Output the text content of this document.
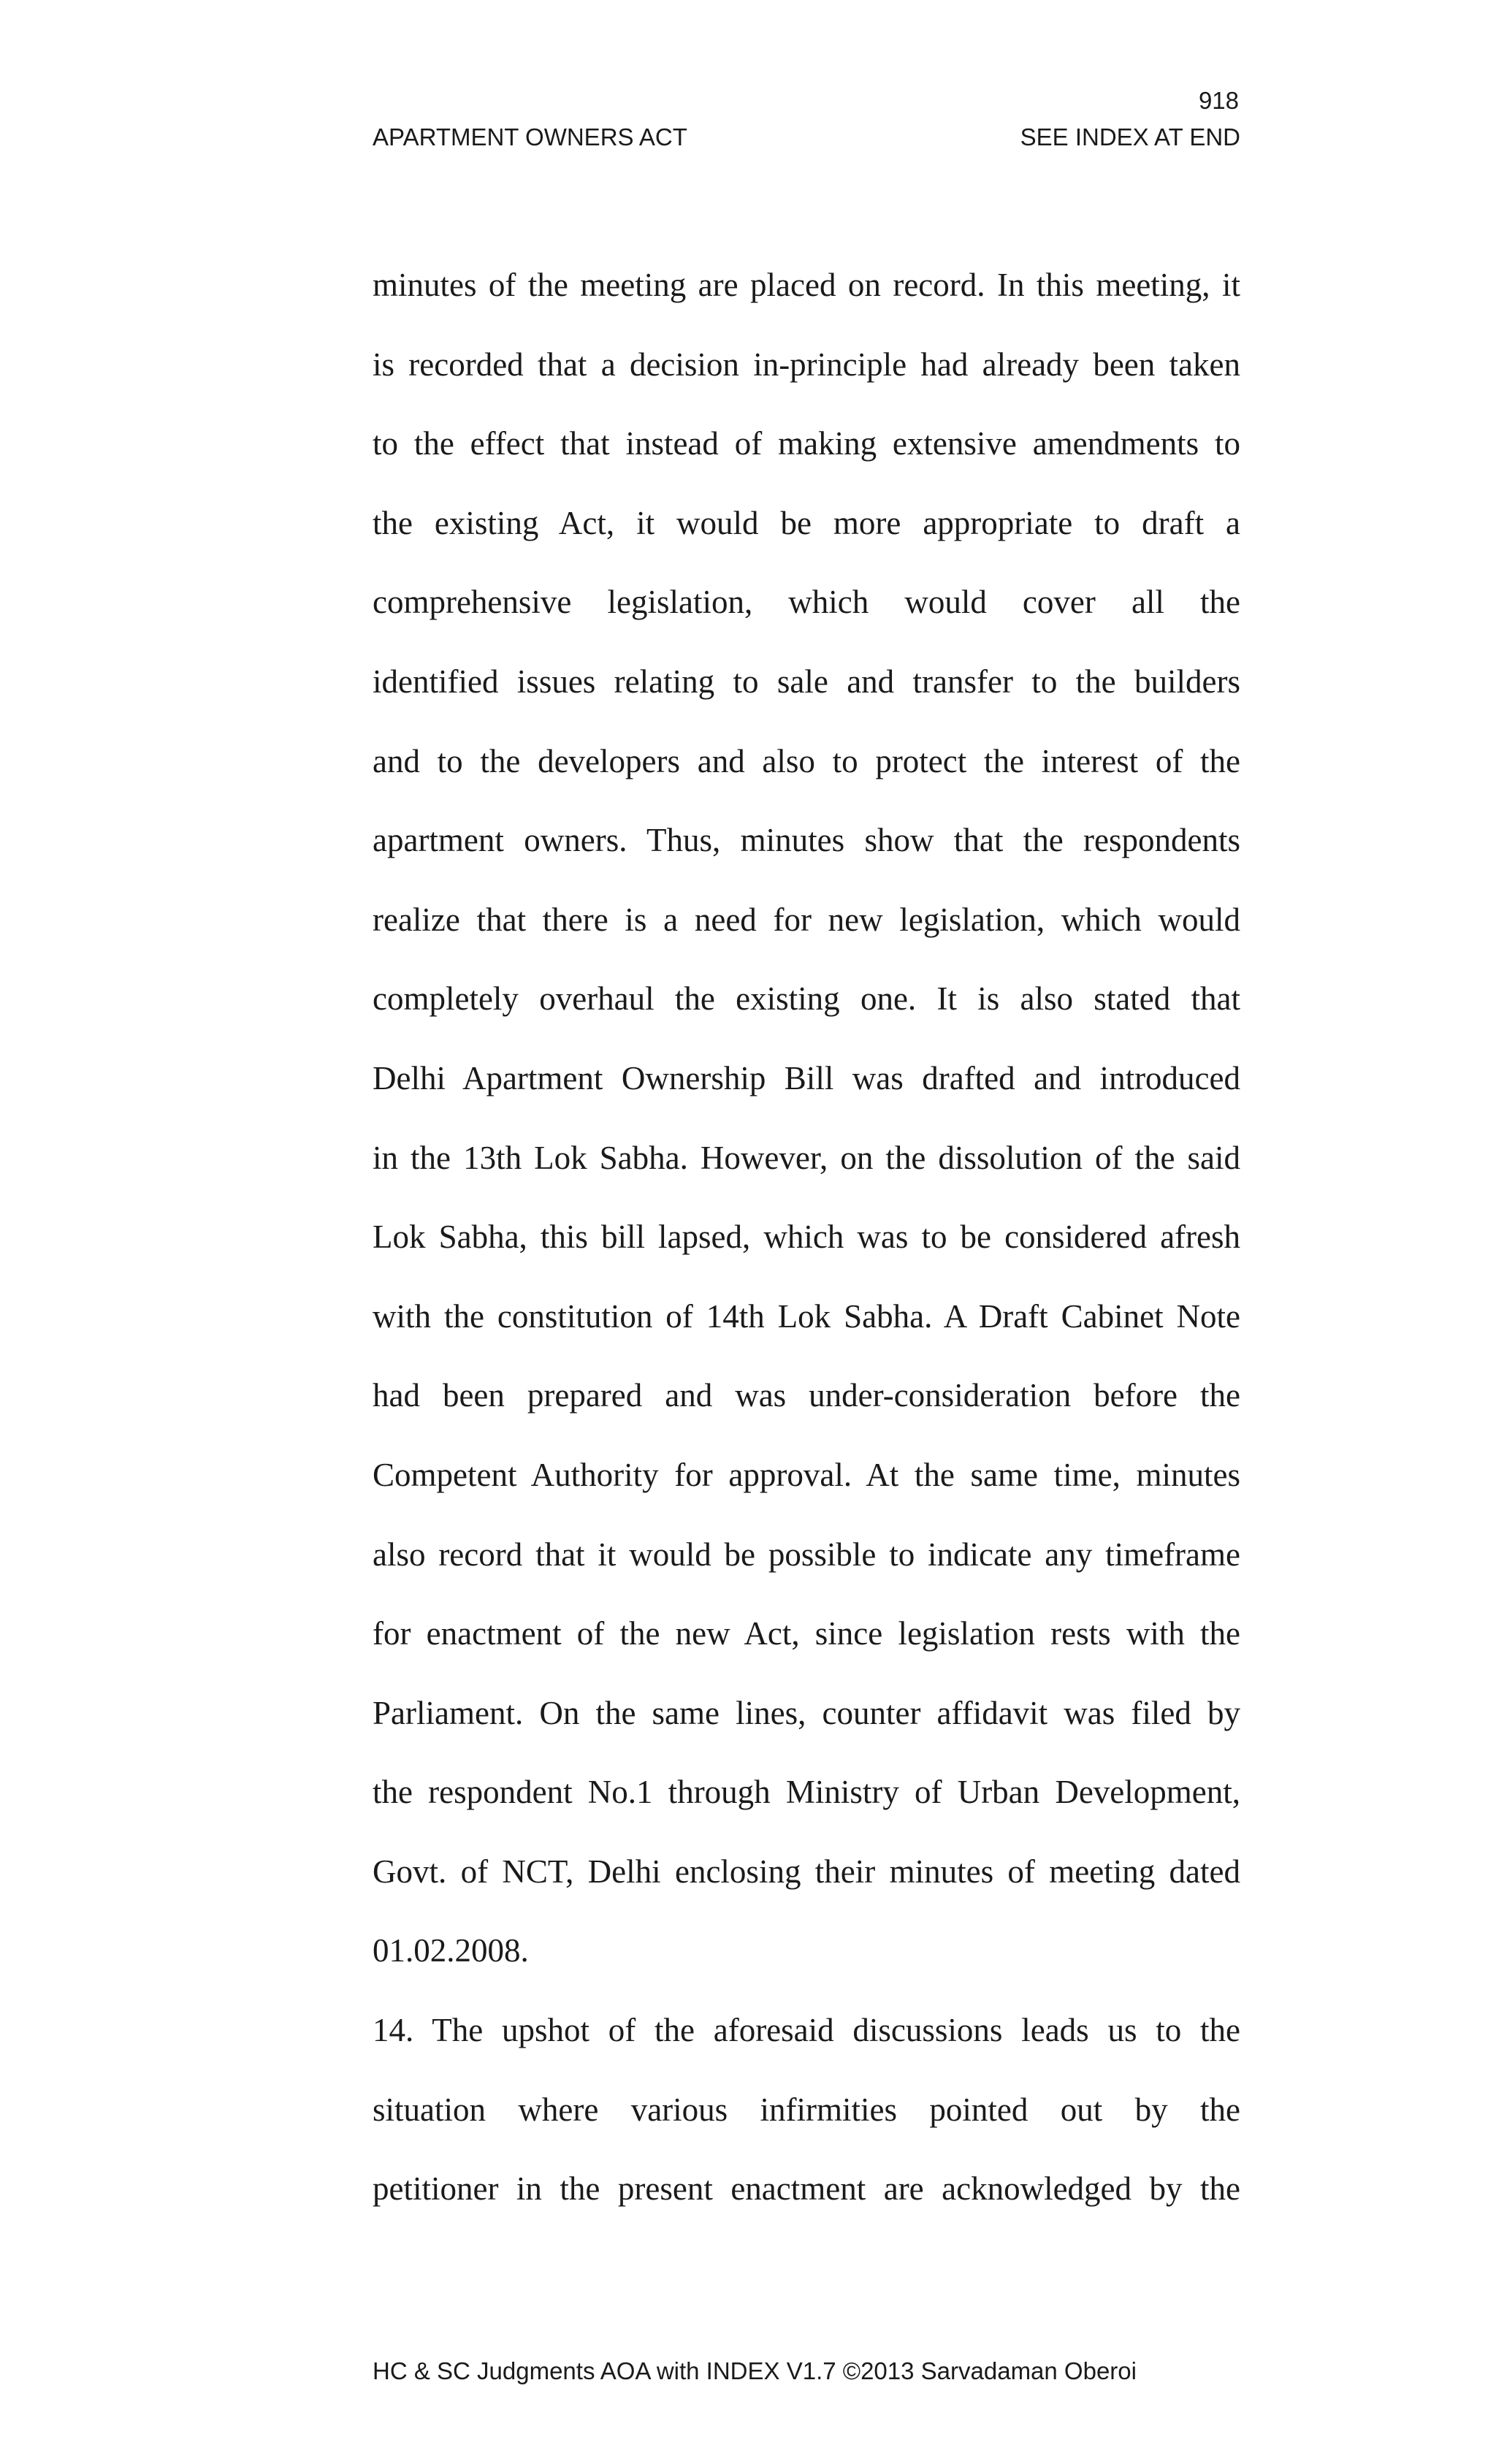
918
APARTMENT OWNERS ACT	SEE INDEX AT END
minutes of the meeting are placed on record. In this meeting, it
is recorded that a decision in-principle had already been taken
to the effect that instead of making extensive amendments to
the existing Act, it would be more appropriate to draft a
comprehensive legislation, which would cover all the
identified issues relating to sale and transfer to the builders
and to the developers and also to protect the interest of the
apartment owners. Thus, minutes show that the respondents
realize that there is a need for new legislation, which would
completely overhaul the existing one. It is also stated that
Delhi Apartment Ownership Bill was drafted and introduced
in the 13th Lok Sabha. However, on the dissolution of the said
Lok Sabha, this bill lapsed, which was to be considered afresh
with the constitution of 14th Lok Sabha. A Draft Cabinet Note
had been prepared and was under-consideration before the
Competent Authority for approval. At the same time, minutes
also record that it would be possible to indicate any timeframe
for enactment of the new Act, since legislation rests with the
Parliament. On the same lines, counter affidavit was filed by
the respondent No.1 through Ministry of Urban Development,
Govt. of NCT, Delhi enclosing their minutes of meeting dated
01.02.2008.
14. The upshot of the aforesaid discussions leads us to the
situation where various infirmities pointed out by the
petitioner in the present enactment are acknowledged by the
HC & SC Judgments AOA with INDEX V1.7 ©2013 Sarvadaman Oberoi
